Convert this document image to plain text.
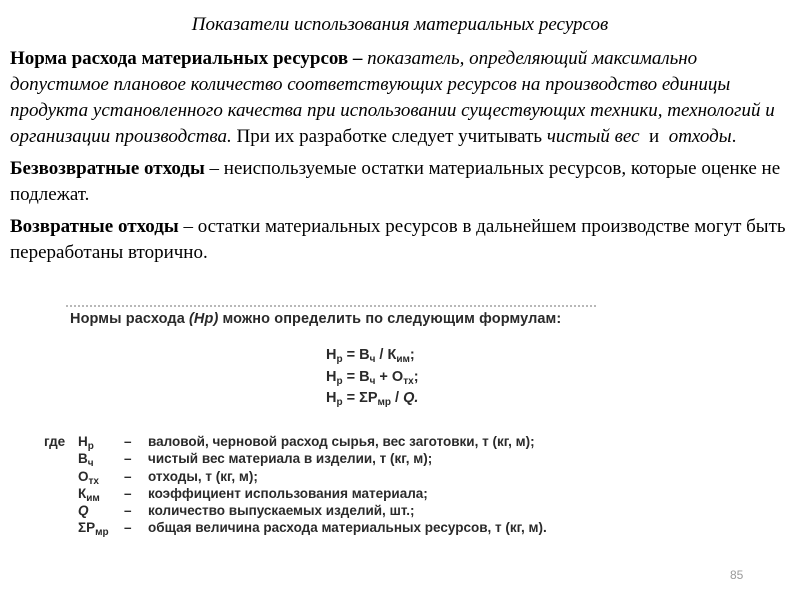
Показатели использования материальных ресурсов

Норма расхода материальных ресурсов – показатель, определяющий максимально допустимое плановое количество соответствующих ресурсов на производство единицы продукта установленного качества при использовании существующих техники, технологий и организации производства. При их разработке следует учитывать чистый вес  и  отходы.

Безвозвратные отходы – неиспользуемые остатки материальных ресурсов, которые оценке не подлежат.

Возвратные отходы – остатки материальных ресурсов в дальнейшем производстве могут быть переработаны вторично.

Нормы расхода (Нр) можно определить по следующим формулам:
$Н_р = В_ч / К_{им}$;
$Н_р = В_ч + О_{тх}$;
$Н_р = \Sigma Р_{мр} / Q$.
где $Н_р$	–	валовой, черновой расход сырья, вес заготовки, т (кг, м);
$В_ч$	–	чистый вес материала в изделии, т (кг, м);
$О_{тх}$	–	отходы, т (кг, м);
$К_{им}$	–	коэффициент использования материала;
Q	–	количество выпускаемых изделий, шт.;
$\Sigma Р_{мр}$	–	общая величина расхода материальных ресурсов, т (кг, м).
85
